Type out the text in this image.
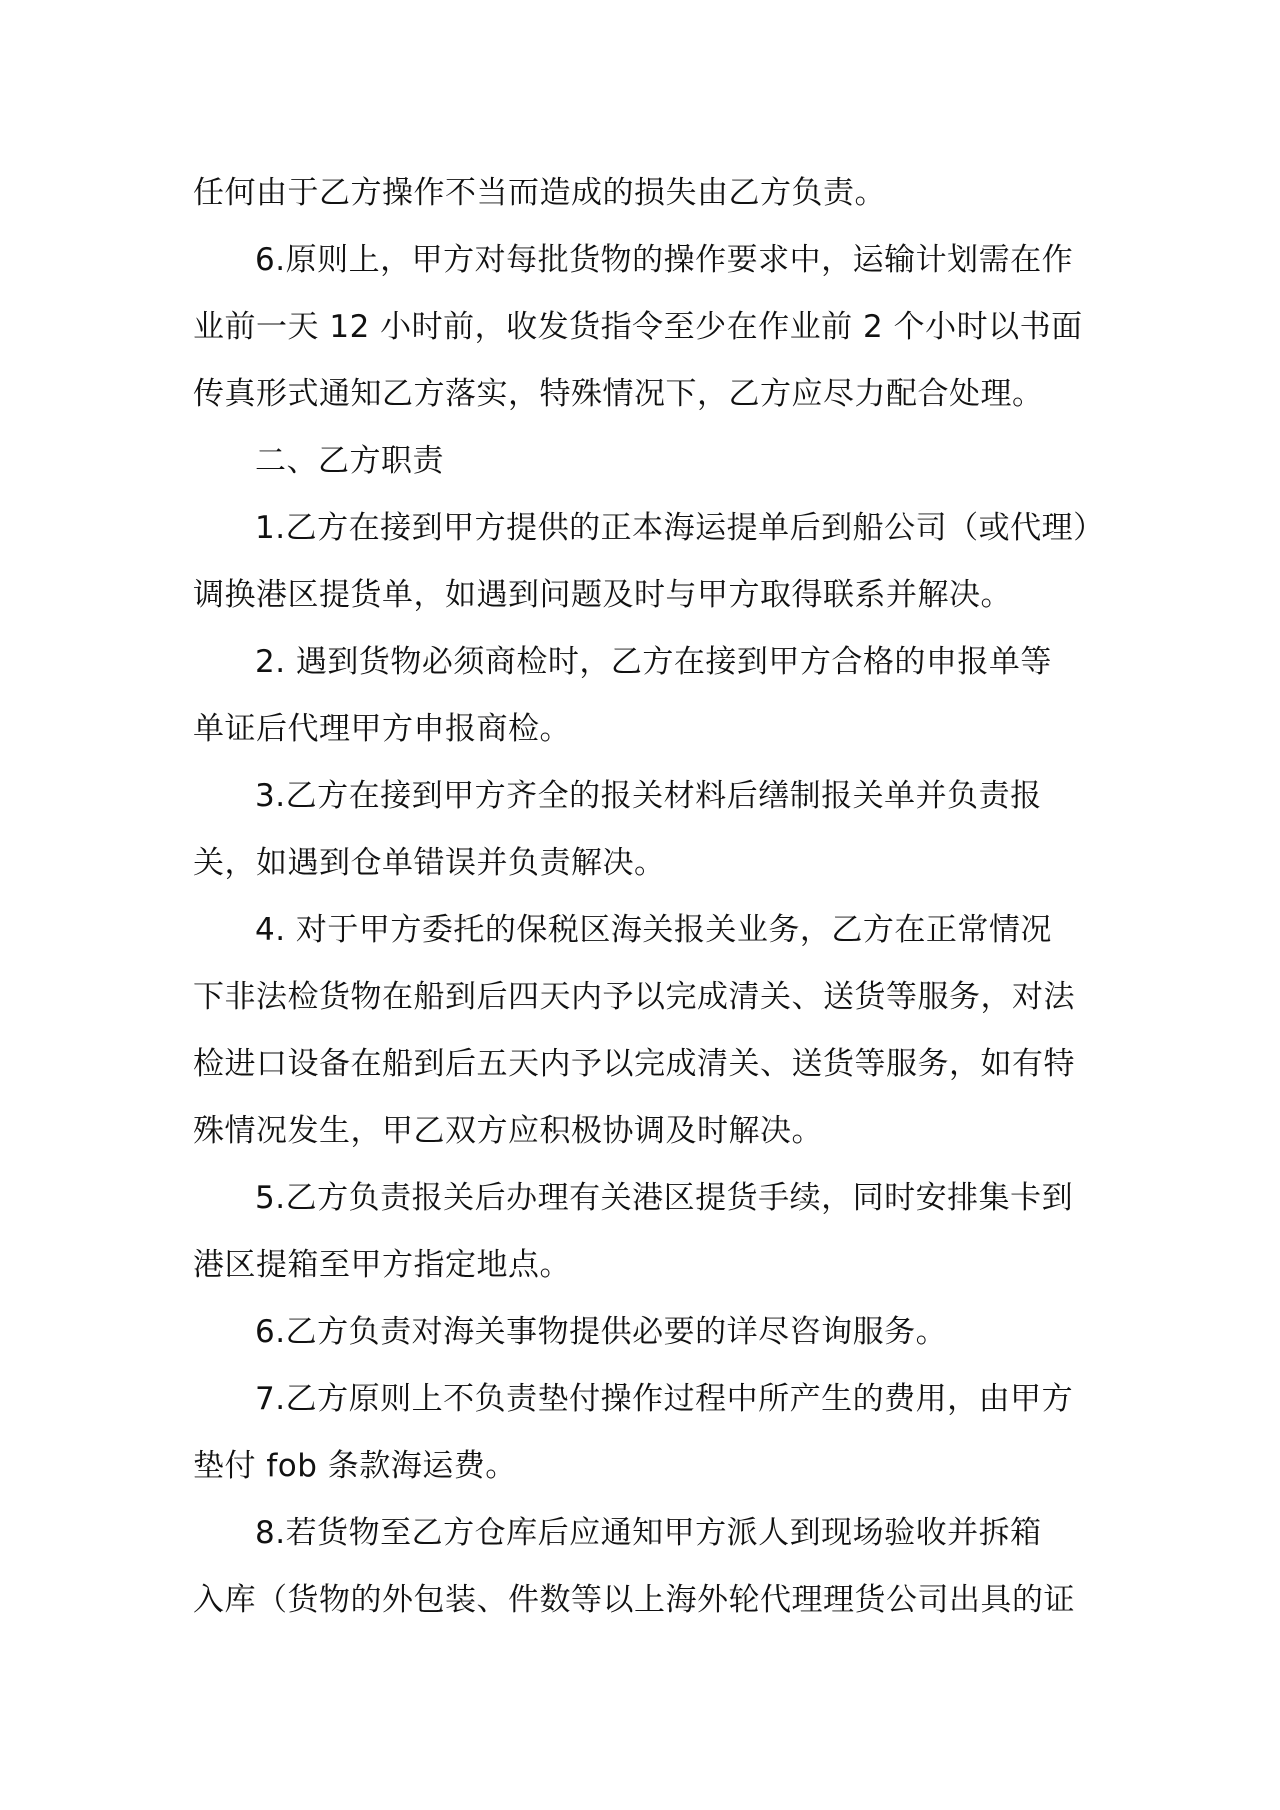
任何由于乙方操作不当而造成的损失由乙方负责。
6.原则上，甲方对每批货物的操作要求中，运输计划需在作
业前一天 12 小时前，收发货指令至少在作业前 2 个小时以书面
传真形式通知乙方落实，特殊情况下，乙方应尽力配合处理。
二、乙方职责
1.乙方在接到甲方提供的正本海运提单后到船公司（或代理）
调换港区提货单，如遇到问题及时与甲方取得联系并解决。
2. 遇到货物必须商检时，乙方在接到甲方合格的申报单等
单证后代理甲方申报商检。
3.乙方在接到甲方齐全的报关材料后缮制报关单并负责报
关，如遇到仓单错误并负责解决。
4. 对于甲方委托的保税区海关报关业务，乙方在正常情况
下非法检货物在船到后四天内予以完成清关、送货等服务，对法
检进口设备在船到后五天内予以完成清关、送货等服务，如有特
殊情况发生，甲乙双方应积极协调及时解决。
5.乙方负责报关后办理有关港区提货手续，同时安排集卡到
港区提箱至甲方指定地点。
6.乙方负责对海关事物提供必要的详尽咨询服务。
7.乙方原则上不负责垫付操作过程中所产生的费用，由甲方
垫付 fob 条款海运费。
8.若货物至乙方仓库后应通知甲方派人到现场验收并拆箱
入库（货物的外包装、件数等以上海外轮代理理货公司出具的证
